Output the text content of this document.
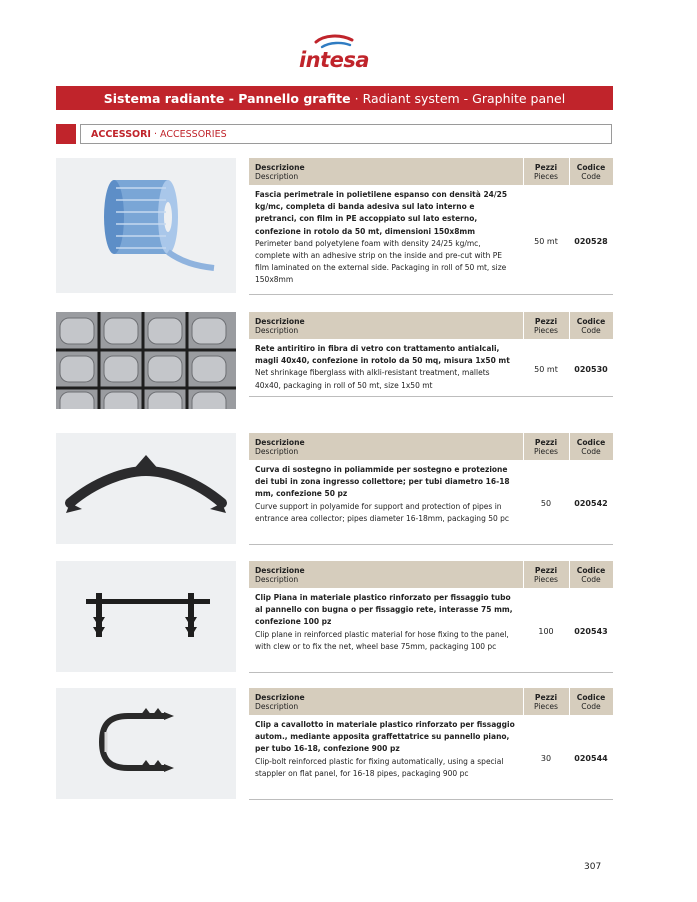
intesa
Sistema radiante - Pannello grafite · Radiant system - Graphite panel
ACCESSORI · ACCESSORIES
Descrizione
Description
Pezzi
Pieces
Codice
Code
Fascia perimetrale in polietilene espanso con densità 24/25 kg/mc, completa di banda adesiva sul lato interno e pretranci, con film in PE accoppiato sul lato esterno, confezione in rotolo da 50 mt, dimensioni 150x8mm
Perimeter band polyetylene foam with density 24/25 kg/mc, complete with an adhesive strip on the inside and pre-cut with PE film laminated on the external side. Packaging in roll of 50 mt, size 150x8mm
50 mt	020528
Descrizione
Description
Pezzi
Pieces
Codice
Code
Rete antiritiro in fibra di vetro con trattamento antialcali, magli 40x40, confezione in rotolo da 50 mq, misura 1x50 mt
Net shrinkage fiberglass with alkli-resistant treatment, mallets 40x40, packaging in roll of 50 mt, size 1x50 mt
50 mt	020530
Descrizione
Description
Pezzi
Pieces
Codice
Code
Curva di sostegno in poliammide per sostegno e protezione dei tubi in zona ingresso collettore; per tubi diametro 16-18 mm, confezione 50 pz
Curve support in polyamide for support and protection of pipes in entrance area collector; pipes diameter 16-18mm, packaging 50 pc
50	020542
Descrizione
Description
Pezzi
Pieces
Codice
Code
Clip Piana in materiale plastico rinforzato per fissaggio tubo al pannello con bugna o per fissaggio rete, interasse 75 mm, confezione 100 pz
Clip plane in reinforced plastic material for hose fixing to the panel, with clew or to fix the net, wheel base 75mm, packaging 100 pc
100	020543
Descrizione
Description
Pezzi
Pieces
Codice
Code
Clip a cavallotto in materiale plastico rinforzato per fissaggio autom., mediante apposita graffettatrice su pannello piano, per tubo 16-18, confezione 900 pz
Clip-bolt reinforced plastic for fixing automatically, using a special stappler on flat panel, for 16-18 pipes, packaging 900 pc
30	020544
307
